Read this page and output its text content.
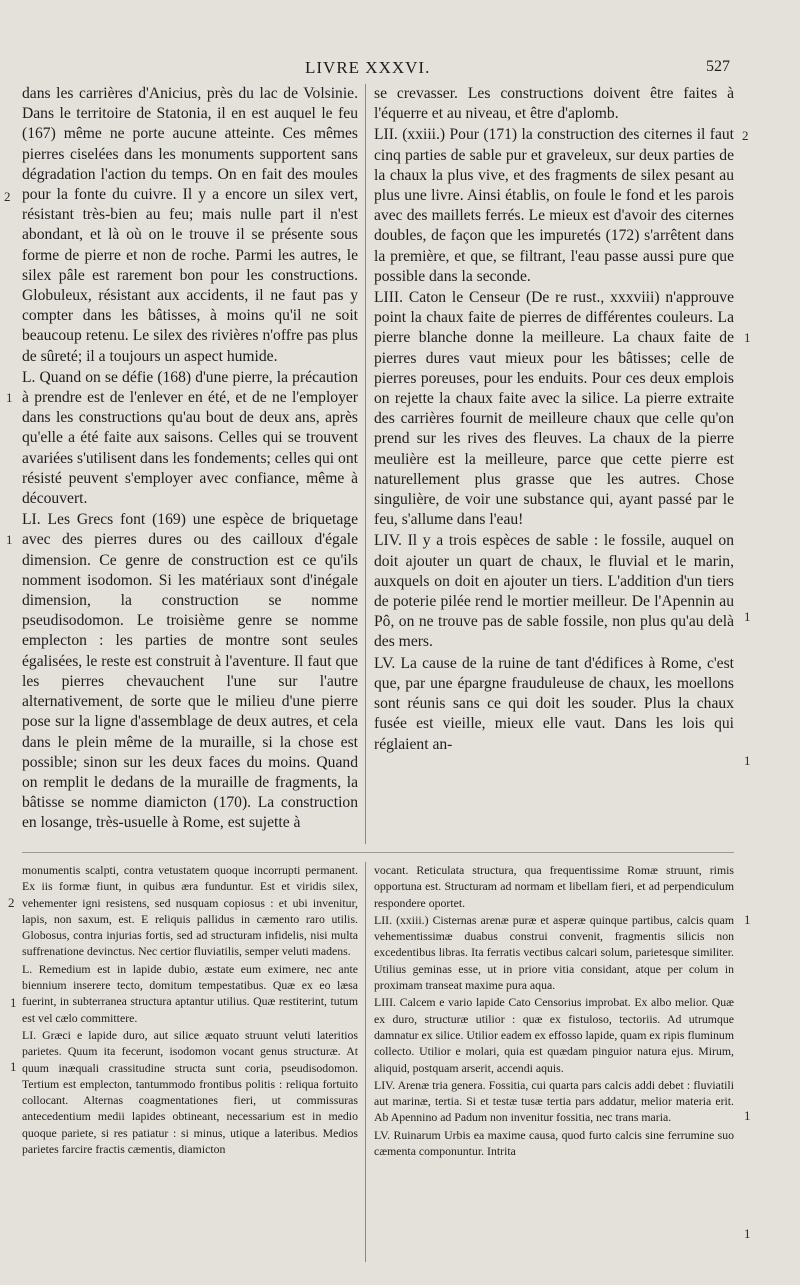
LIVRE XXXVI.	527

dans les carrières d'Anicius, près du lac de Volsinie. Dans le territoire de Statonia, il en est auquel le feu (167) même ne porte aucune atteinte. Ces mêmes pierres ciselées dans les monuments supportent sans dégradation l'action du temps. On en fait des moules pour la fonte du cuivre. Il y a encore un silex vert, résistant très-bien au feu; mais nulle part il n'est abondant, et là où on le trouve il se présente sous forme de pierre et non de roche. Parmi les autres, le silex pâle est rarement bon pour les constructions. Globuleux, résistant aux accidents, il ne faut pas y compter dans les bâtisses, à moins qu'il ne soit beaucoup retenu. Le silex des rivières n'offre pas plus de sûreté; il a toujours un aspect humide.

L. Quand on se défie (168) d'une pierre, la précaution à prendre est de l'enlever en été, et de ne l'employer dans les constructions qu'au bout de deux ans, après qu'elle a été faite aux saisons. Celles qui se trouvent avariées s'utilisent dans les fondements; celles qui ont résisté peuvent s'employer avec confiance, même à découvert.

LI. Les Grecs font (169) une espèce de briquetage avec des pierres dures ou des cailloux d'égale dimension. Ce genre de construction est ce qu'ils nomment isodomon. Si les matériaux sont d'inégale dimension, la construction se nomme pseudisodomon. Le troisième genre se nomme emplecton : les parties de montre sont seules égalisées, le reste est construit à l'aventure. Il faut que les pierres chevauchent l'une sur l'autre alternativement, de sorte que le milieu d'une pierre pose sur la ligne d'assemblage de deux autres, et cela dans le plein même de la muraille, si la chose est possible; sinon sur les deux faces du moins. Quand on remplit le dedans de la muraille de fragments, la bâtisse se nomme diamicton (170). La construction en losange, très-usuelle à Rome, est sujette à

se crevasser. Les constructions doivent être faites à l'équerre et au niveau, et être d'aplomb.

LII. (xxiii.) Pour (171) la construction des citernes il faut cinq parties de sable pur et graveleux, sur deux parties de la chaux la plus vive, et des fragments de silex pesant au plus une livre. Ainsi établis, on foule le fond et les parois avec des maillets ferrés. Le mieux est d'avoir des citernes doubles, de façon que les impuretés (172) s'arrêtent dans la première, et que, se filtrant, l'eau passe aussi pure que possible dans la seconde.

LIII. Caton le Censeur (De re rust., xxxviii) n'approuve point la chaux faite de pierres de différentes couleurs. La pierre blanche donne la meilleure. La chaux faite de pierres dures vaut mieux pour les bâtisses; celle de pierres poreuses, pour les enduits. Pour ces deux emplois on rejette la chaux faite avec la silice. La pierre extraite des carrières fournit de meilleure chaux que celle qu'on prend sur les rives des fleuves. La chaux de la pierre meulière est la meilleure, parce que cette pierre est naturellement plus grasse que les autres. Chose singulière, de voir une substance qui, ayant passé par le feu, s'allume dans l'eau!

LIV. Il y a trois espèces de sable : le fossile, auquel on doit ajouter un quart de chaux, le fluvial et le marin, auxquels on doit en ajouter un tiers. L'addition d'un tiers de poterie pilée rend le mortier meilleur. De l'Apennin au Pô, on ne trouve pas de sable fossile, non plus qu'au delà des mers.

LV. La cause de la ruine de tant d'édifices à Rome, c'est que, par une épargne frauduleuse de chaux, les moellons sont réunis sans ce qui doit les souder. Plus la chaux fusée est vieille, mieux elle vaut. Dans les lois qui réglaient an-

monumentis scalpti, contra vetustatem quoque incorrupti permanent. Ex iis formæ fiunt, in quibus æra funduntur. Est et viridis silex, vehementer igni resistens, sed nusquam copiosus : et ubi invenitur, lapis, non saxum, est. E reliquis pallidus in cæmento raro utilis. Globosus, contra injurias fortis, sed ad structuram infidelis, nisi multa suffrenatione devinctus. Nec certior fluviatilis, semper veluti madens.

L. Remedium est in lapide dubio, æstate eum eximere, nec ante biennium inserere tecto, domitum tempestatibus. Quæ ex eo læsa fuerint, in subterranea structura aptantur utilius. Quæ restiterint, tutum est vel cælo committere.

LI. Græci e lapide duro, aut silice æquato struunt veluti lateritios parietes. Quum ita fecerunt, isodomon vocant genus structuræ. At quum inæquali crassitudine structa sunt coria, pseudisodomon. Tertium est emplecton, tantummodo frontibus politis : reliqua fortuito collocant. Alternas coagmentationes fieri, ut commissuras antecedentium medii lapides obtineant, necessarium est in medio quoque pariete, si res patiatur : si minus, utique a lateribus. Medios parietes farcire fractis cæmentis, diamicton

vocant. Reticulata structura, qua frequentissime Romæ struunt, rimis opportuna est. Structuram ad normam et libellam fieri, et ad perpendiculum respondere oportet.

LII. (xxiii.) Cisternas arenæ puræ et asperæ quinque partibus, calcis quam vehementissimæ duabus construi convenit, fragmentis silicis non excedentibus libras. Ita ferratis vectibus calcari solum, parietesque similiter. Utilius geminas esse, ut in priore vitia considant, atque per colum in proximam transeat maxime pura aqua.

LIII. Calcem e vario lapide Cato Censorius improbat. Ex albo melior. Quæ ex duro, structuræ utilior : quæ ex fistuloso, tectoriis. Ad utrumque damnatur ex silice. Utilior eadem ex effosso lapide, quam ex ripis fluminum collecto. Utilior e molari, quia est quædam pinguior natura ejus. Mirum, aliquid, postquam arserit, accendi aquis.

LIV. Arenæ tria genera. Fossitia, cui quarta pars calcis addi debet : fluviatili aut marinæ, tertia. Si et testæ tusæ tertia pars addatur, melior materia erit. Ab Apennino ad Padum non invenitur fossitia, nec trans maria.

LV. Ruinarum Urbis ea maxime causa, quod furto calcis sine ferrumine suo cæmenta componuntur. Intrita

2
1
1
2
1
1
1
2
1
1
1
1
1
